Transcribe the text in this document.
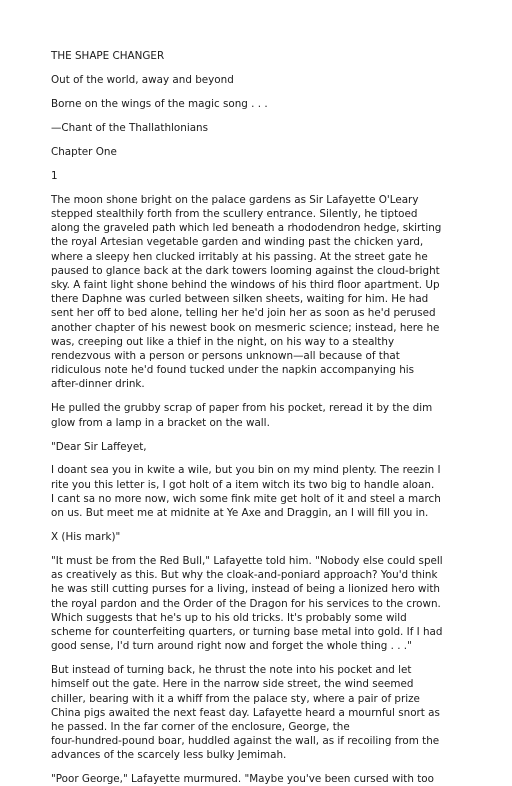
THE SHAPE CHANGER
Out of the world, away and beyond
Borne on the wings of the magic song . . .
—Chant of the Thallathlonians
Chapter One
1
The moon shone bright on the palace gardens as Sir Lafayette O'Leary
stepped stealthily forth from the scullery entrance. Silently, he tiptoed
along the graveled path which led beneath a rhododendron hedge, skirting
the royal Artesian vegetable garden and winding past the chicken yard,
where a sleepy hen clucked irritably at his passing. At the street gate he
paused to glance back at the dark towers looming against the cloud-bright
sky. A faint light shone behind the windows of his third floor apartment. Up
there Daphne was curled between silken sheets, waiting for him. He had
sent her off to bed alone, telling her he'd join her as soon as he'd perused
another chapter of his newest book on mesmeric science; instead, here he
was, creeping out like a thief in the night, on his way to a stealthy
rendezvous with a person or persons unknown—all because of that
ridiculous note he'd found tucked under the napkin accompanying his
after-dinner drink.
He pulled the grubby scrap of paper from his pocket, reread it by the dim
glow from a lamp in a bracket on the wall.
"Dear Sir Laffeyet,
I doant sea you in kwite a wile, but you bin on my mind plenty. The reezin I
rite you this letter is, I got holt of a item witch its two big to handle aloan.
I cant sa no more now, wich some fink mite get holt of it and steel a march
on us. But meet me at midnite at Ye Axe and Draggin, an I will fill you in.
X (His mark)"
"It must be from the Red Bull," Lafayette told him. "Nobody else could spell
as creatively as this. But why the cloak-and-poniard approach? You'd think
he was still cutting purses for a living, instead of being a lionized hero with
the royal pardon and the Order of the Dragon for his services to the crown.
Which suggests that he's up to his old tricks. It's probably some wild
scheme for counterfeiting quarters, or turning base metal into gold. If I had
good sense, I'd turn around right now and forget the whole thing . . ."
But instead of turning back, he thrust the note into his pocket and let
himself out the gate. Here in the narrow side street, the wind seemed
chiller, bearing with it a whiff from the palace sty, where a pair of prize
China pigs awaited the next feast day. Lafayette heard a mournful snort as
he passed. In the far corner of the enclosure, George, the
four-hundred-pound boar, huddled against the wall, as if recoiling from the
advances of the scarcely less bulky Jemimah.
"Poor George," Lafayette murmured. "Maybe you've been cursed with too
